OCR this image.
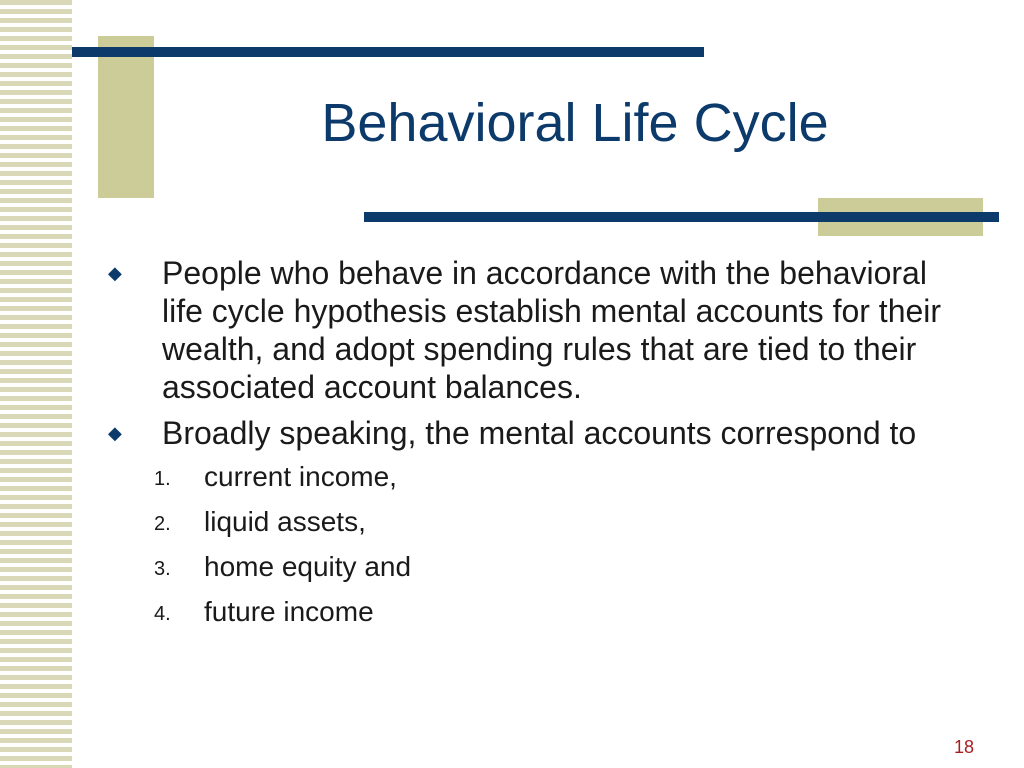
Behavioral Life Cycle
◆ People who behave in accordance with the behavioral life cycle hypothesis establish mental accounts for their wealth, and adopt spending rules that are tied to their associated account balances.
◆ Broadly speaking, the mental accounts correspond to
1. current income,
2. liquid assets,
3. home equity and
4. future income
18
